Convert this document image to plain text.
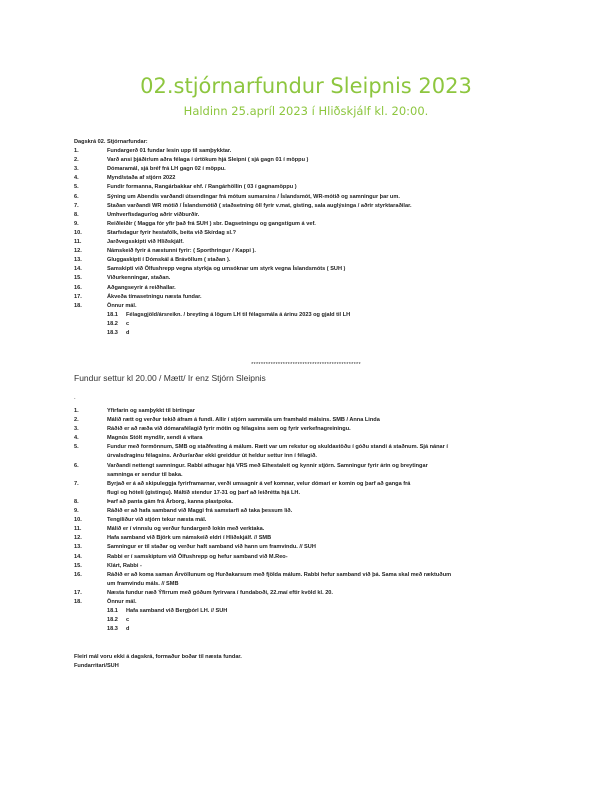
02.stjórnarfundur Sleipnis 2023
Haldinn 25.apríl 2023 í Hliðskjálf kl. 20:00.
Dagskrá 02. Stjórnarfundar:
1.	Fundargerð 01 fundar lesin upp til samþykktar.
2.	Varð ansi þjáðir/um aðra félaga í úrtökum hjá Sleipni ( sjá gagn 01 í möppu )
3.	Dómaramál, sjá bréf frá LH gagn 02 í möppu.
4.	Mynd/staða af stjórn 2022
5.	Fundir formanna, Rangárbakkar ehf. / Rangárhöllin ( 03 í gagnamöppu )
6.	Sýning um Abendis varðandi útsendingar frá mótum sumarsins / Íslandsmót, WR-mótið og samningur þar um.
7.	Staðan varðandi WR mótið / Íslandsmótið ( staðsetning öll fyrir v.mat, gisting, sala auglýsinga / aðrir styrktaraðilar.
8.	Umhverfisdagur/og aðrir viðburðir.
9.	Reiðleiðir ( Magga fór yfir það frá SUH ) sbr. Dagsetningu og gangstígum á vef.
10.	Starfsdagur fyrir hestafólk, beita við Skírdag sl.?
11.	Jarðvegsskipti við Hliðskjálf.
12.	Námskeið fyrir á næstunni fyrir: ( Sporthringur / Kappi ).
13.	Gluggaskipti í Dómskál á Brávöllum ( staðan ).
14.	Samskipti við Ölfushrepp vegna styrkja og umsóknar um styrk vegna Íslandsmóts ( SUH )
15.	Viðurkenningar, staðan.
16.	Aðgangseyrir á reiðhallar.
17.	Ákveða tímasetningu næsta fundar.
18.	Önnur mál.
18.1 Félagsgjöld/ársreikn. / breyting á lögum LH til félagsmála á árinu 2023 og gjald til LH
18.2 c
18.3 d
*********************************************
Fundur settur kl 20.00 / Mætt/ Ir enz Stjórn Sleipnis
.
1.	Yfirfarin og samþykkt til birtingar
2.	Málið rætt og verður tekið áfram á fundi. Allir í stjórn sammála um framhald málsins. SMB / Anna Linda
3.	Ráðið er að ræða við dómarafélagið fyrir mótin og félagsins sem og fyrir verkefnagreiningu.
4.	Magnús Stólt mynd/ir, sendi á vítara
5.	Fundur með formönnum, SMB og staðfesting á málum. Rætt var um rekstur og skuldastöðu í góðu standi á staðnum. Sjá nánar í
úrvalsdraginu félagsins. Arður/arðar ekki greiddur út heldur settur inn í félagið.
6.	Varðandi nettengt samningur. Rabbi athugar hjá VRS með Eihestaleit og kynnir stjórn. Samningur fyrir árin og breytingar
samninga er sendur til baka.
7.	Byrjað er á að skipuleggja fyrirframarnar, verði umsagnir á vef komnar, velur dómari er komin og þarf að ganga frá
flugi og hóteli (gistingu). Máltíð stendur 17-31 og þarf að leiðrétta hjá LH.
8.	Þarf að panta gám frá Árborg, kanna plastpoka.
9.	Ráðið er að hafa samband við Maggi frá samstarfi að taka þessum lið.
10.	Tengiliður við stjórn tekur næsta mál.
11.	Málið er í vinnslu og verður fundargerð lokin með verktaka.
12.	Hafa samband við Björk um námskeið eldri í Hliðskjálf. // SMB
13.	Samningur er til staðar og verður haft samband við hann um framvindu. // SUH
14.	Rabbi er í samskiptum við Ölfushrepp og hefur samband við M.Reo-
15.	Klárt, Rabbi -
16.	Ráðið er að koma saman Árvöllunum og Hurðakarsum með fjölda málum. Rabbi hefur samband við þá. Sama skal með ræktuðum
um framvindu máls. // SMB
17.	Næsta fundur næð Ýfirrum með góðum fyrirvara í fundaboði, 22.maí eftir kvöld kl. 20.
18.	Önnur mál.
18.1 Hafa samband við Bergþórl LH. // SUH
18.2 c
18.3 d
Fleiri mál voru ekki á dagskrá, formaður boðar til næsta fundar.
Fundarritari/SUH
